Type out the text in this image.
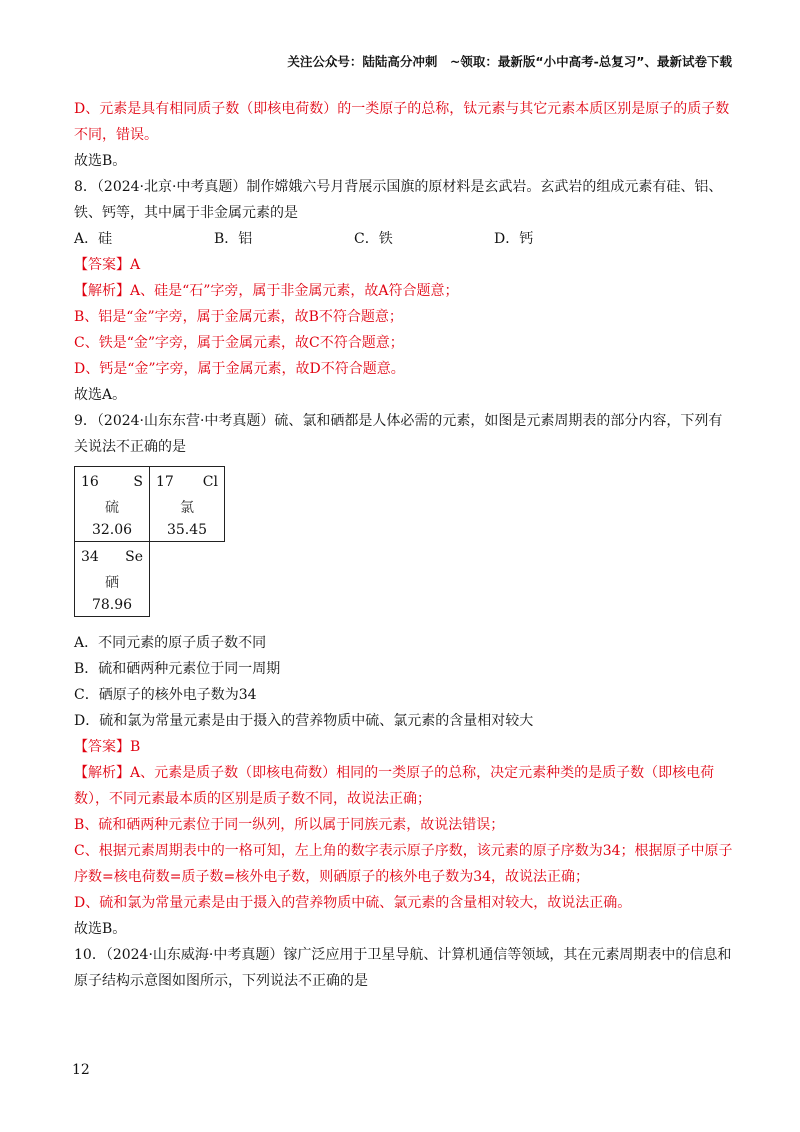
关注公众号：陆陆高分冲刺　~领取：最新版“小中高考-总复习”、最新试卷下载

D、元素是具有相同质子数（即核电荷数）的一类原子的总称，钛元素与其它元素本质区别是原子的质子数不同，错误。

故选B。

8．（2024·北京·中考真题）制作嫦娥六号月背展示国旗的原材料是玄武岩。玄武岩的组成元素有硅、铝、铁、钙等，其中属于非金属元素的是

A．硅	B．铝	C．铁	D．钙

【答案】A

【解析】A、硅是“石”字旁，属于非金属元素，故A符合题意；

B、铝是“金”字旁，属于金属元素，故B不符合题意；

C、铁是“金”字旁，属于金属元素，故C不符合题意；

D、钙是“金”字旁，属于金属元素，故D不符合题意。

故选A。

9．（2024·山东东营·中考真题）硫、氯和硒都是人体必需的元素，如图是元素周期表的部分内容，下列有关说法不正确的是

16 S
硫
32.06
17 Cl
氯
35.45
34 Se
硒
78.96

A．不同元素的原子质子数不同

B．硫和硒两种元素位于同一周期

C．硒原子的核外电子数为34

D．硫和氯为常量元素是由于摄入的营养物质中硫、氯元素的含量相对较大

【答案】B

【解析】A、元素是质子数（即核电荷数）相同的一类原子的总称，决定元素种类的是质子数（即核电荷数），不同元素最本质的区别是质子数不同，故说法正确；

B、硫和硒两种元素位于同一纵列，所以属于同族元素，故说法错误；

C、根据元素周期表中的一格可知，左上角的数字表示原子序数，该元素的原子序数为34；根据原子中原子序数=核电荷数=质子数=核外电子数，则硒原子的核外电子数为34，故说法正确；

D、硫和氯为常量元素是由于摄入的营养物质中硫、氯元素的含量相对较大，故说法正确。

故选B。

10．（2024·山东威海·中考真题）镓广泛应用于卫星导航、计算机通信等领域，其在元素周期表中的信息和原子结构示意图如图所示，下列说法不正确的是

12
